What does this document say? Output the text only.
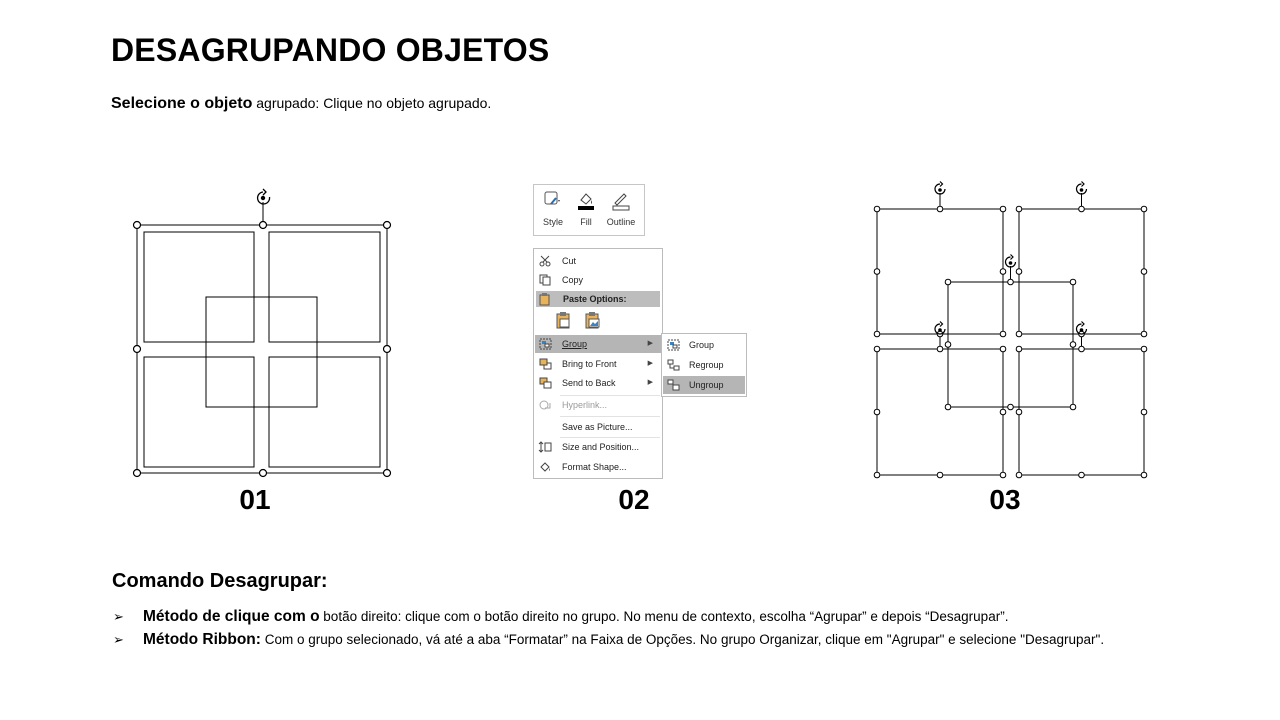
DESAGRUPANDO OBJETOS
Selecione o objeto agrupado: Clique no objeto agrupado.
01
Style	Fill	Outline
Cut
Copy
Paste Options:
Group	▶
Bring to Front	▶
Send to Back	▶
Hyperlink...
Save as Picture...
Size and Position...
Format Shape...
Group
Regroup
Ungroup
02	03
Comando Desagrupar:
➢ Método de clique com o botão direito: clique com o botão direito no grupo. No menu de contexto, escolha “Agrupar” e depois “Desagrupar”.
➢ Método Ribbon: Com o grupo selecionado, vá até a aba “Formatar” na Faixa de Opções. No grupo Organizar, clique em "Agrupar" e selecione "Desagrupar".
